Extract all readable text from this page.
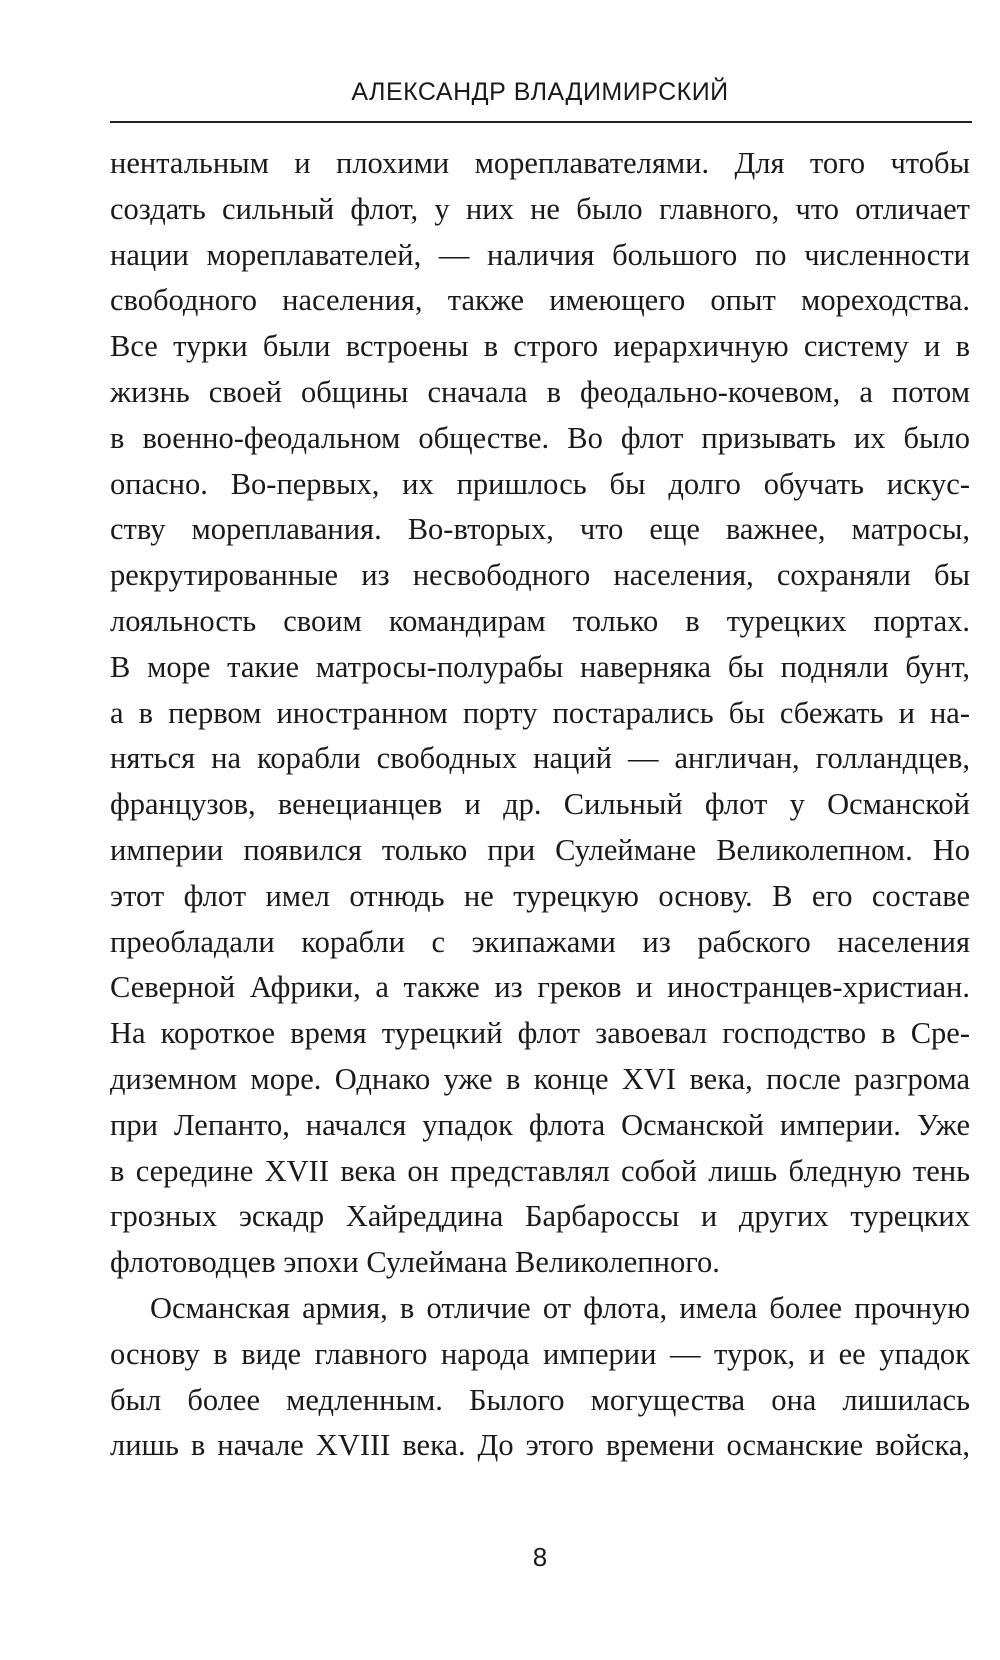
АЛЕКСАНДР ВЛАДИМИРСКИЙ
нентальным и плохими мореплавателями. Для того чтобы
создать сильный флот, у них не было главного, что отличает
нации мореплавателей, — наличия большого по численности
свободного населения, также имеющего опыт мореходства.
Все турки были встроены в строго иерархичную систему и в
жизнь своей общины сначала в феодально-кочевом, а потом
в военно-феодальном обществе. Во флот призывать их было
опасно. Во-первых, их пришлось бы долго обучать искус-
ству мореплавания. Во-вторых, что еще важнее, матросы,
рекрутированные из несвободного населения, сохраняли бы
лояльность своим командирам только в турецких портах.
В море такие матросы-полурабы наверняка бы подняли бунт,
а в первом иностранном порту постарались бы сбежать и на-
няться на корабли свободных наций — англичан, голландцев,
французов, венецианцев и др. Сильный флот у Османской
империи появился только при Сулеймане Великолепном. Но
этот флот имел отнюдь не турецкую основу. В его составе
преобладали корабли с экипажами из рабского населения
Северной Африки, а также из греков и иностранцев-христиан.
На короткое время турецкий флот завоевал господство в Сре-
диземном море. Однако уже в конце XVI века, после разгрома
при Лепанто, начался упадок флота Османской империи. Уже
в середине XVII века он представлял собой лишь бледную тень
грозных эскадр Хайреддина Барбароссы и других турецких
флотоводцев эпохи Сулеймана Великолепного.
Османская армия, в отличие от флота, имела более прочную
основу в виде главного народа империи — турок, и ее упадок
был более медленным. Былого могущества она лишилась
лишь в начале XVIII века. До этого времени османские войска,
8
